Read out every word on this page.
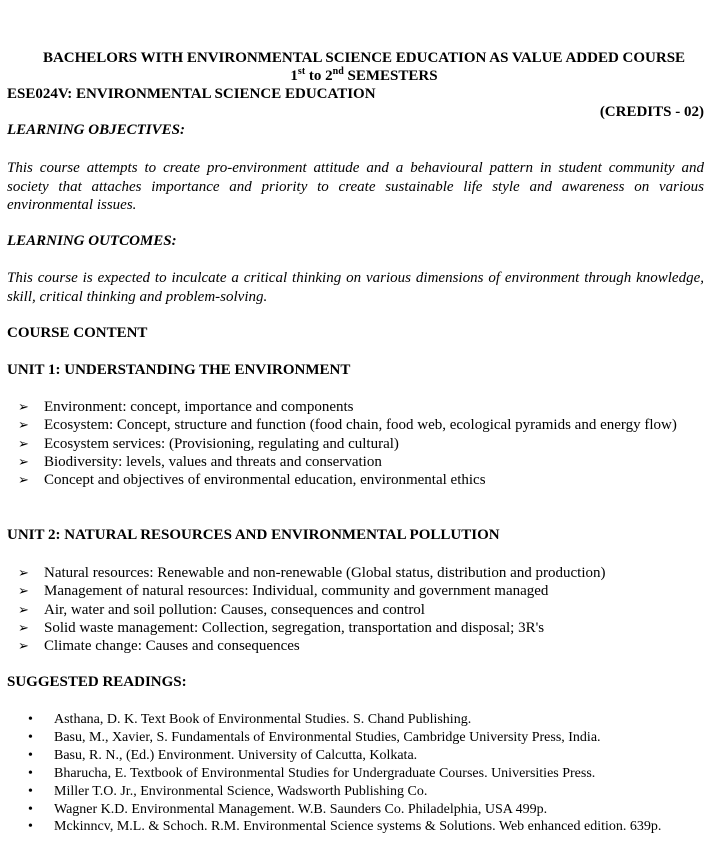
BACHELORS WITH ENVIRONMENTAL SCIENCE EDUCATION AS VALUE ADDED COURSE
1st to 2nd SEMESTERS
ESE024V: ENVIRONMENTAL SCIENCE EDUCATION
(CREDITS - 02)
LEARNING OBJECTIVES:
This course attempts to create pro-environment attitude and a behavioural pattern in student community and society that attaches importance and priority to create sustainable life style and awareness on various environmental issues.
LEARNING OUTCOMES:
This course is expected to inculcate a critical thinking on various dimensions of environment through knowledge, skill, critical thinking and problem-solving.
COURSE CONTENT
UNIT 1: UNDERSTANDING THE ENVIRONMENT
➢ Environment: concept, importance and components
➢ Ecosystem: Concept, structure and function (food chain, food web, ecological pyramids and energy flow)
➢ Ecosystem services: (Provisioning, regulating and cultural)
➢ Biodiversity: levels, values and threats and conservation
➢ Concept and objectives of environmental education, environmental ethics
UNIT 2: NATURAL RESOURCES AND ENVIRONMENTAL POLLUTION
➢ Natural resources: Renewable and non-renewable (Global status, distribution and production)
➢ Management of natural resources: Individual, community and government managed
➢ Air, water and soil pollution: Causes, consequences and control
➢ Solid waste management: Collection, segregation, transportation and disposal; 3R's
➢ Climate change: Causes and consequences
SUGGESTED READINGS:
• Asthana, D. K. Text Book of Environmental Studies. S. Chand Publishing.
• Basu, M., Xavier, S. Fundamentals of Environmental Studies, Cambridge University Press, India.
• Basu, R. N., (Ed.) Environment. University of Calcutta, Kolkata.
• Bharucha, E. Textbook of Environmental Studies for Undergraduate Courses. Universities Press.
• Miller T.O. Jr., Environmental Science, Wadsworth Publishing Co.
• Wagner K.D. Environmental Management. W.B. Saunders Co. Philadelphia, USA 499p.
• Mckinncv, M.L. & Schoch. R.M. Environmental Science systems & Solutions. Web enhanced edition. 639p.
